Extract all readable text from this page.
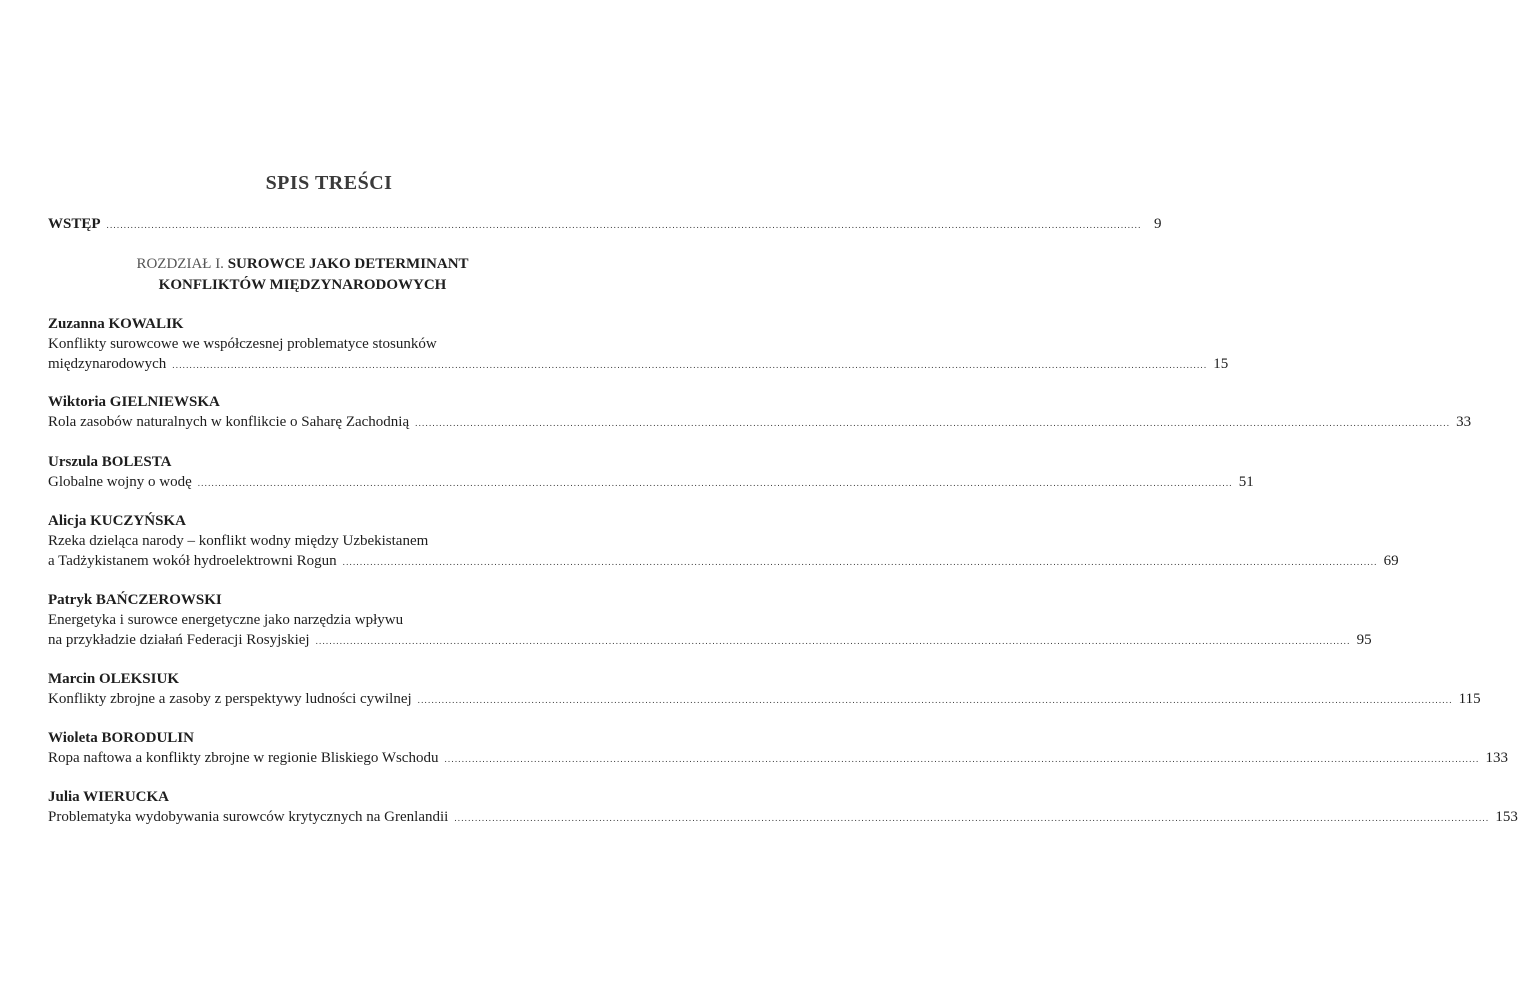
SPIS TREŚCI
WSTĘP ............................................................................................................................................................................................................................................................................................................ 9
ROZDZIAŁ I. SUROWCE JAKO DETERMINANT
KONFLIKTÓW MIĘDZYNARODOWYCH
Zuzanna KOWALIK
Konflikty surowcowe we współczesnej problematyce stosunków
międzynarodowych ............................................................................................................................................................................................................................................................................................................ 15
Wiktoria GIELNIEWSKA
Rola zasobów naturalnych w konflikcie o Saharę Zachodnią ............................................................................................................................................................................................................................................................................................................ 33
Urszula BOLESTA
Globalne wojny o wodę ............................................................................................................................................................................................................................................................................................................ 51
Alicja KUCZYŃSKA
Rzeka dzieląca narody – konflikt wodny między Uzbekistanem
a Tadżykistanem wokół hydroelektrowni Rogun ............................................................................................................................................................................................................................................................................................................ 69
Patryk BAŃCZEROWSKI
Energetyka i surowce energetyczne jako narzędzia wpływu
na przykładzie działań Federacji Rosyjskiej ............................................................................................................................................................................................................................................................................................................ 95
Marcin OLEKSIUK
Konflikty zbrojne a zasoby z perspektywy ludności cywilnej ............................................................................................................................................................................................................................................................................................................ 115
Wioleta BORODULIN
Ropa naftowa a konflikty zbrojne w regionie Bliskiego Wschodu ............................................................................................................................................................................................................................................................................................................ 133
Julia WIERUCKA
Problematyka wydobywania surowców krytycznych na Grenlandii ............................................................................................................................................................................................................................................................................................................ 153
